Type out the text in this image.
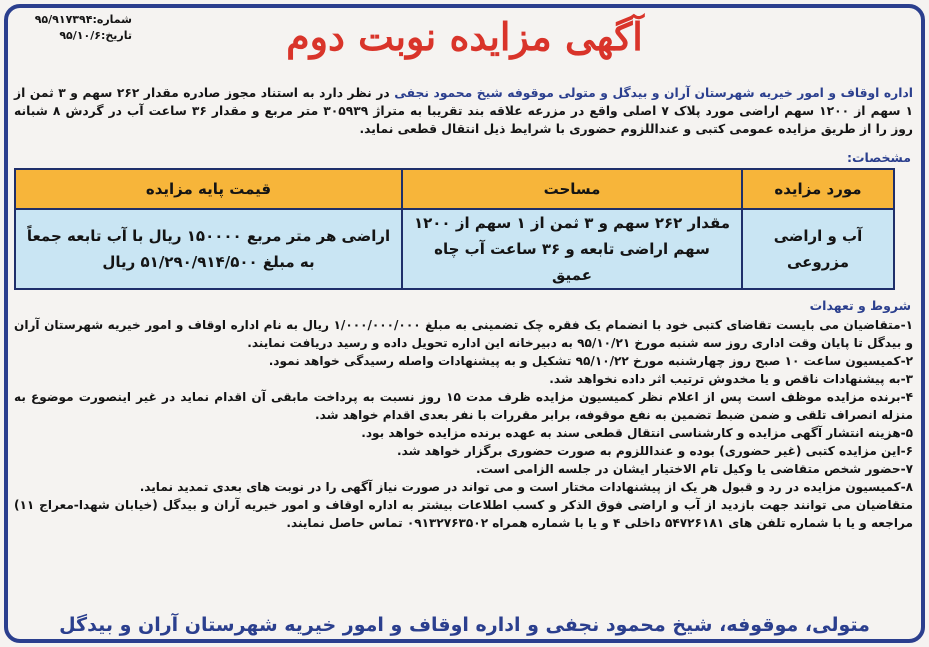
شماره:۹۵/۹۱۷۳۹۴
تاریخ:۹۵/۱۰/۶	آگهی مزایده نوبت دوم
اداره اوقاف و امور خیریه شهرستان آران و بیدگل و متولی موقوفه شیخ محمود نجفی در نظر دارد به استناد مجوز صادره مقدار ۲۶۲ سهم و ۳ ثمن از ۱ سهم از ۱۲۰۰ سهم اراضی مورد پلاک ۷ اصلی واقع در مزرعه علاقه بند تقریبا به متراژ ۳۰۵۹۳۹ متر مربع و مقدار ۳۶ ساعت آب در گردش ۸ شبانه روز را از طریق مزایده عمومی کتبی و عنداللزوم حضوری با شرایط ذیل انتقال قطعی نماید.
مشخصات:
مورد مزایده	مساحت	قیمت پایه مزایده
آب و اراضی مزروعی	مقدار ۲۶۲ سهم و ۳ ثمن از ۱ سهم از ۱۲۰۰ سهم اراضی تابعه و ۳۶ ساعت آب چاه عمیق	اراضی هر متر مربع ۱۵۰۰۰۰ ریال با آب تابعه جمعاً به مبلغ ۵۱/۲۹۰/۹۱۴/۵۰۰ ریال
شروط و تعهدات

۱-متقاضیان می بایست تقاضای کتبی خود با انضمام یک فقره چک تضمینی به مبلغ ۱/۰۰۰/۰۰۰/۰۰۰ ریال به نام اداره اوقاف و امور خیریه شهرستان آران و بیدگل تا پایان وقت اداری روز سه شنبه مورخ ۹۵/۱۰/۲۱ به دبیرخانه این اداره تحویل داده و رسید دریافت نمایند.

۲-کمیسیون ساعت ۱۰ صبح روز چهارشنبه مورخ ۹۵/۱۰/۲۲ تشکیل و به پیشنهادات واصله رسیدگی خواهد نمود.

۳-به پیشنهادات ناقص و یا مخدوش ترتیب اثر داده نخواهد شد.

۴-برنده مزایده موظف است پس از اعلام نظر کمیسیون مزایده ظرف مدت ۱۵ روز نسبت به پرداخت مابقی آن اقدام نماید در غیر اینصورت موضوع به منزله انصراف تلقی و ضمن ضبط تضمین به نفع موقوفه، برابر مقررات با نفر بعدی اقدام خواهد شد.

۵-هزینه انتشار آگهی مزایده و کارشناسی انتقال قطعی سند به عهده برنده مزایده خواهد بود.

۶-این مزایده کتبی (غیر حضوری) بوده و عنداللزوم به صورت حضوری برگزار خواهد شد.

۷-حضور شخص متقاضی یا وکیل تام الاختیار ایشان در جلسه الزامی است.

۸-کمیسیون مزایده در رد و قبول هر یک از پیشنهادات مختار است و می تواند در صورت نیاز آگهی را در نوبت های بعدی تمدید نماید.

متقاضیان می توانند جهت بازدید از آب و اراضی فوق الذکر و کسب اطلاعات بیشتر به اداره اوقاف و امور خیریه آران و بیدگل (خیابان شهدا-معراج ۱۱) مراجعه و یا با شماره تلفن های ۵۴۷۲۶۱۸۱ داخلی ۴ و یا با شماره همراه ۰۹۱۳۲۷۶۳۵۰۲ تماس حاصل نمایند.

متولی، موقوفه، شیخ محمود نجفی و اداره اوقاف و امور خیریه شهرستان آران و بیدگل
